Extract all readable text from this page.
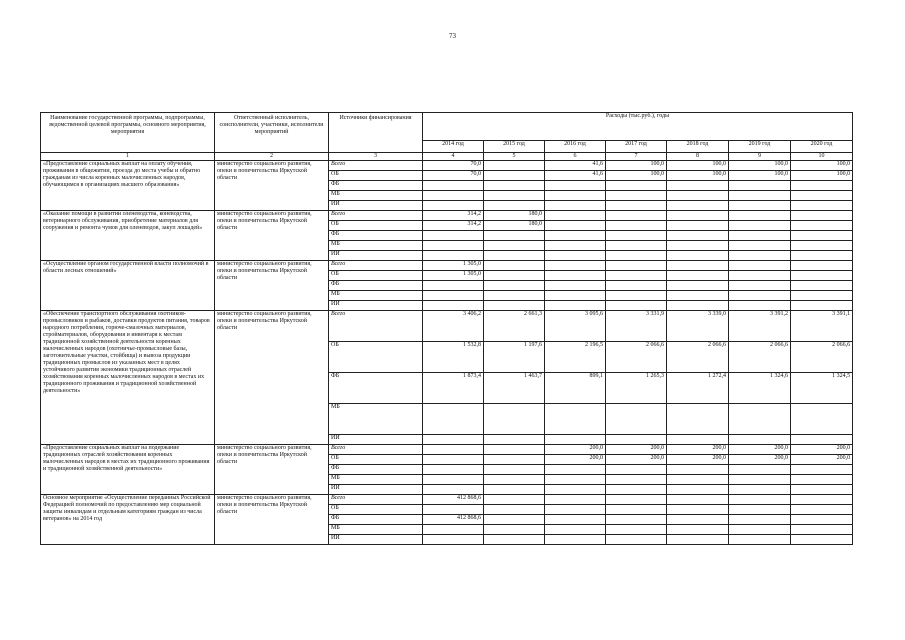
73
Наименование государственной программы, подпрограммы, ведомственной целевой программы, основного мероприятия, мероприятия	Ответственный исполнитель, соисполнители, участники, исполнители мероприятий	Источники финансирования	Расходы (тыс.руб.), годы						
			2014 год	2015 год	2016 год	2017 год	2018 год	2019 год	2020 год
1	2	3	4	5	6	7	8	9	10
«Предоставление социальных выплат на оплату обучения, проживания в общежитии, проезда до места учебы и обратно гражданам из числа коренных малочисленных народов, обучающимся в организациях высшего образования»	министерство социального развития, опеки и попечительства Иркутской области	Всего	70,0		41,6	100,0	100,0	100,0	100,0
		ОБ	70,0		41,6	100,0	100,0	100,0	100,0
		ФБ							
		МБ							
		ИИ							
«Оказание помощи в развитии оленеводства, коневодства, ветеринарного обслуживания, приобретение материалов для сооружения и ремонта чумов для оленеводов, закуп лошадей»	министерство социального развития, опеки и попечительства Иркутской области	Всего	314,2	180,0					
		ОБ	314,2	180,0					
		ФБ							
		МБ							
		ИИ							
«Осуществление органом государственной власти полномочий в области лесных отношений»	министерство социального развития, опеки и попечительства Иркутской области	Всего	1 305,0						
		ОБ	1 305,0						
		ФБ							
		МБ							
		ИИ							
«Обеспечение транспортного обслуживания охотников-промысловиков и рыбаков, доставки продуктов питания, товаров народного потребления, горюче-смазочных материалов, стройматериалов, оборудования и инвентаря к местам традиционной хозяйственной деятельности коренных малочисленных народов (охотничье-промысловые базы, заготовительные участки, стойбища) и вывоза продукции традиционных промыслов из указанных мест в целях устойчивого развития экономики традиционных отраслей хозяйствования коренных малочисленных народов в местах их традиционного проживания и традиционной хозяйственной деятельности»	министерство социального развития, опеки и попечительства Иркутской области	Всего	3 406,2	2 661,3	3 095,6	3 331,9	3 339,0	3 391,2	3 391,1
		ОБ	1 532,8	1 197,6	2 196,5	2 066,6	2 066,6	2 066,6	2 066,6
		ФБ	1 873,4	1 463,7	899,1	1 265,3	1 272,4	1 324,6	1 324,5
		МБ							
		ИИ							
«Предоставление социальных выплат на подержание традиционных отраслей хозяйствования коренных малочисленных народов в местах их традиционного проживания и традиционной хозяйственной деятельности»	министерство социального развития, опеки и попечительства Иркутской области	Всего			200,0	200,0	200,0	200,0	200,0
		ОБ			200,0	200,0	200,0	200,0	200,0
		ФБ							
		МБ							
		ИИ							
Основное мероприятие «Осуществление переданных Российской Федерацией полномочий по предоставлению мер социальной защиты инвалидам и отдельным категориям граждан из числа ветеранов» на 2014 год	министерство социального развития, опеки и попечительства Иркутской области	Всего	412 868,6						
		ОБ							
		ФБ	412 868,6						
		МБ							
		ИИ							
